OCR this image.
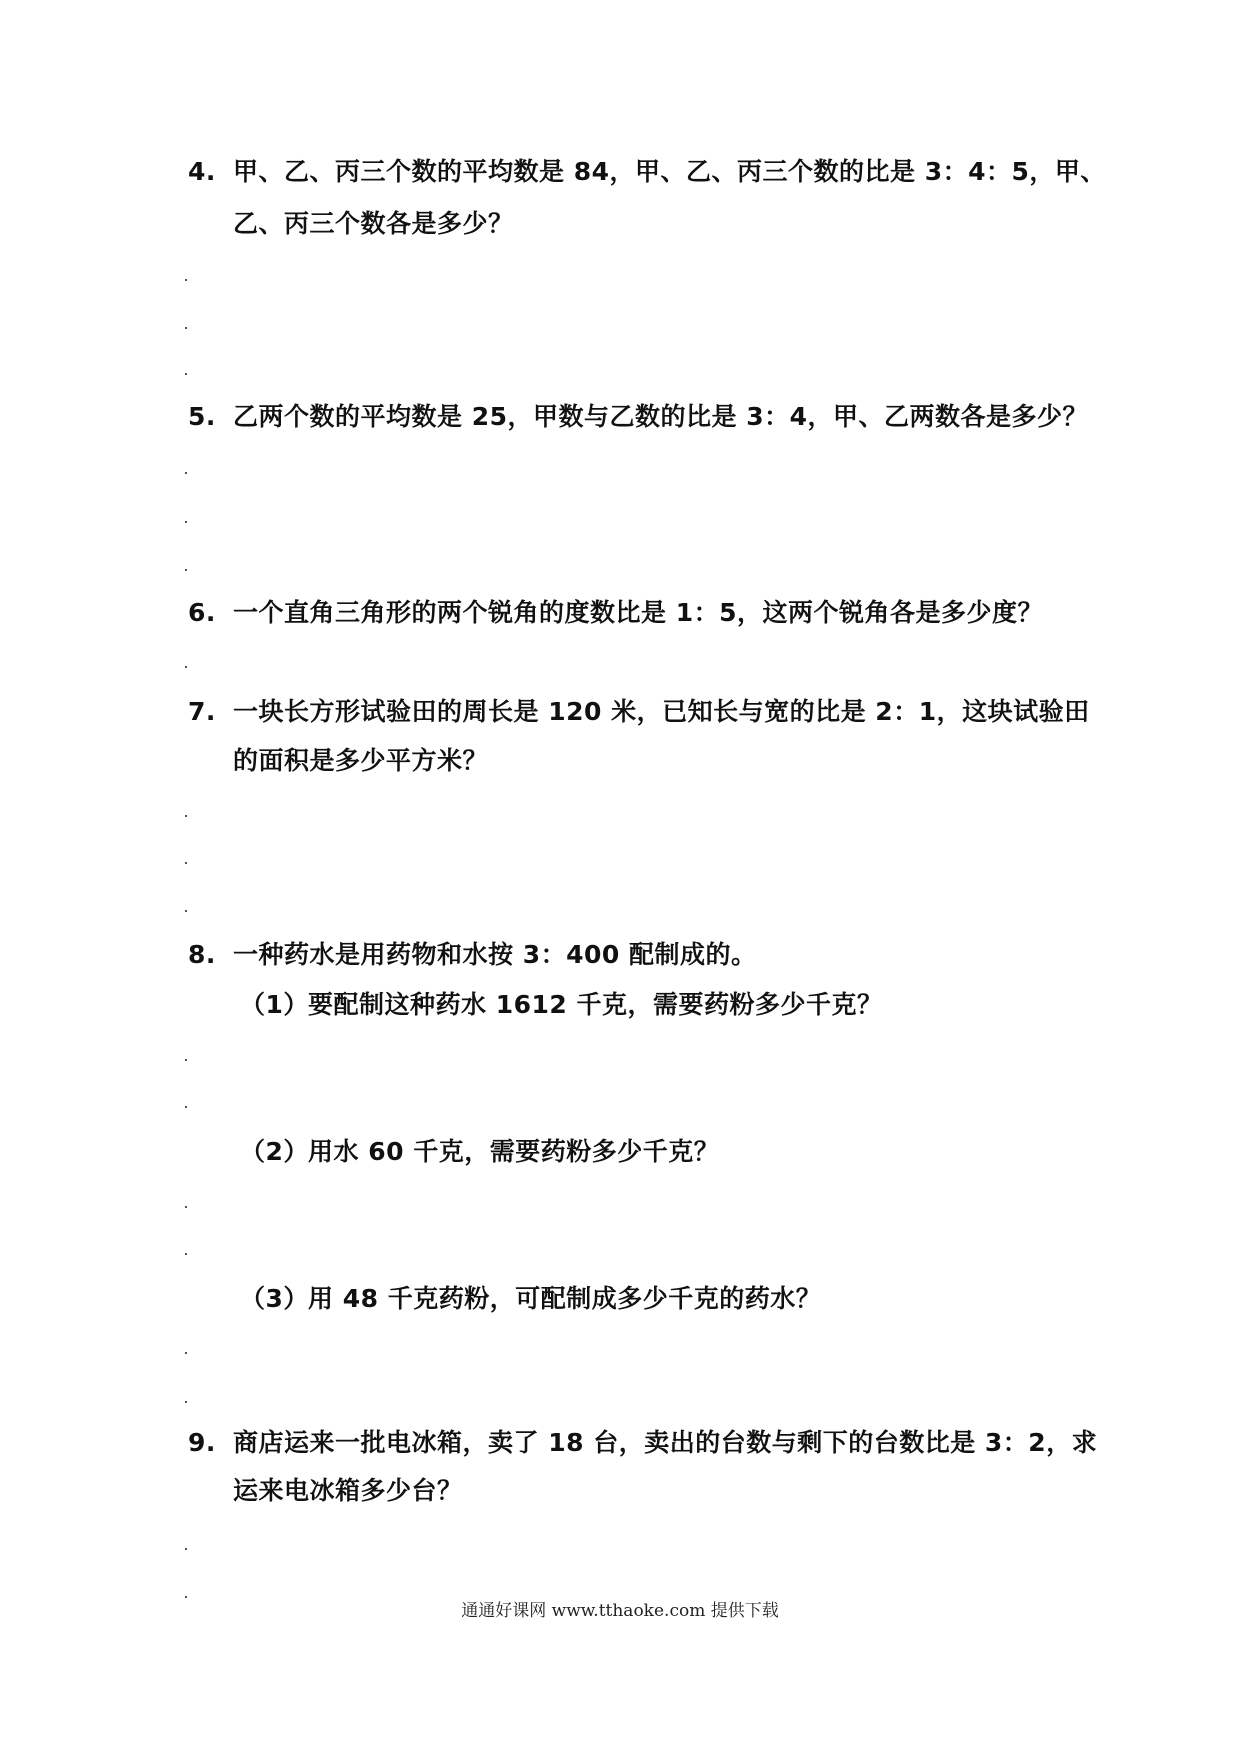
4. 甲、乙、丙三个数的平均数是 84，甲、乙、丙三个数的比是 3：4：5，甲、
乙、丙三个数各是多少？
5. 乙两个数的平均数是 25，甲数与乙数的比是 3：4，甲、乙两数各是多少？
6. 一个直角三角形的两个锐角的度数比是 1：5，这两个锐角各是多少度？
7. 一块长方形试验田的周长是 120 米，已知长与宽的比是 2：1，这块试验田
的面积是多少平方米？
8. 一种药水是用药物和水按 3：400 配制成的。
（1） 要配制这种药水 1612 千克，需要药粉多少千克？
（2） 用水 60 千克，需要药粉多少千克？
（3） 用 48 千克药粉，可配制成多少千克的药水？
9. 商店运来一批电冰箱，卖了 18 台，卖出的台数与剩下的台数比是 3：2，求
运来电冰箱多少台？
通通好课网 www.tthaoke.com 提供下载
